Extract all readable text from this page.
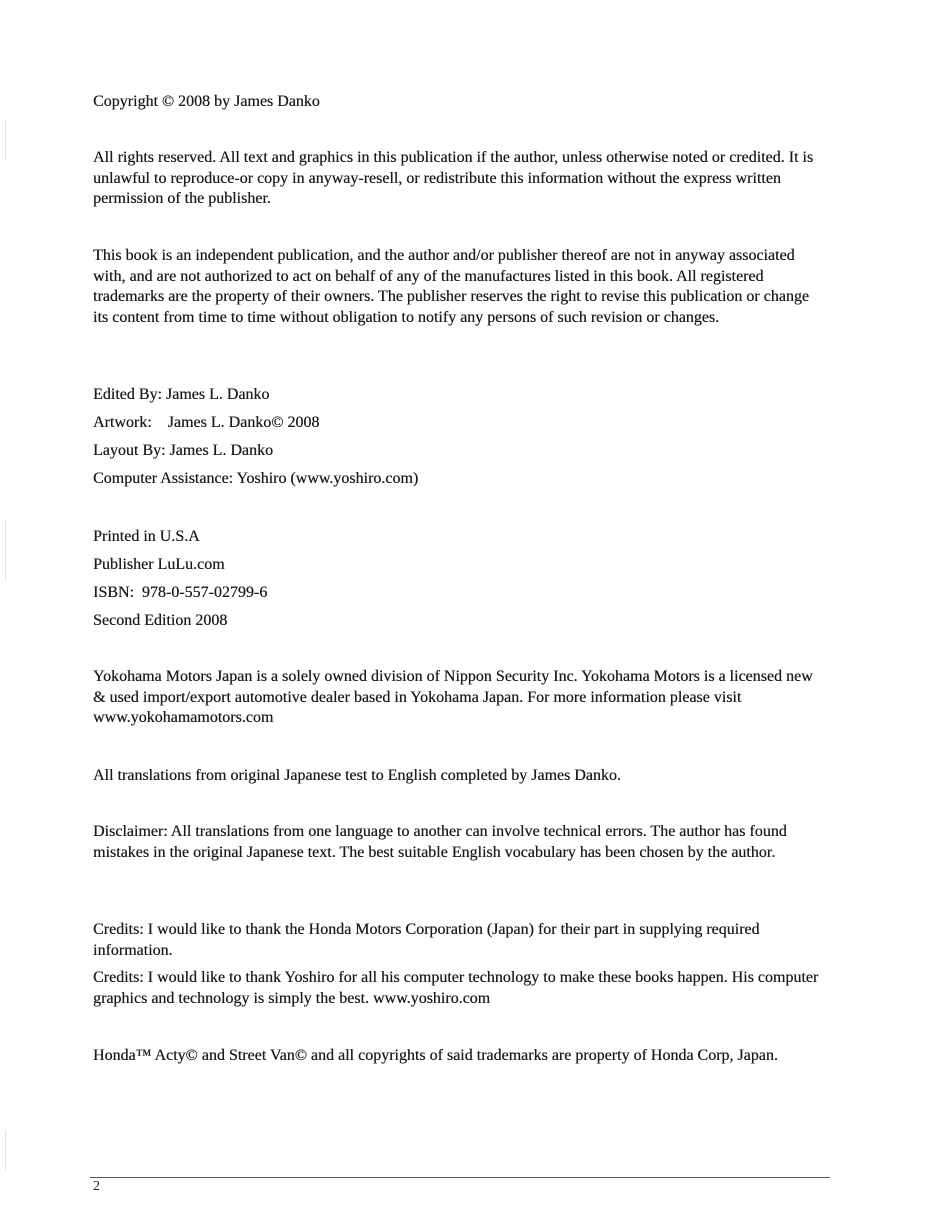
Copyright © 2008 by James Danko

All rights reserved. All text and graphics in this publication if the author, unless otherwise noted or credited. It is unlawful to reproduce-or copy in anyway-resell, or redistribute this information without the express written permission of the publisher.

This book is an independent publication, and the author and/or publisher thereof are not in anyway associated with, and are not authorized to act on behalf of any of the manufactures listed in this book. All registered trademarks are the property of their owners. The publisher reserves the right to revise this publication or change its content from time to time without obligation to notify any persons of such revision or changes.

Edited By: James L. Danko
Artwork:    James L. Danko© 2008
Layout By: James L. Danko
Computer Assistance: Yoshiro (www.yoshiro.com)
Printed in U.S.A
Publisher LuLu.com
ISBN:  978-0-557-02799-6
Second Edition 2008

Yokohama Motors Japan is a solely owned division of Nippon Security Inc. Yokohama Motors is a licensed new & used import/export automotive dealer based in Yokohama Japan. For more information please visit www.yokohamamotors.com

All translations from original Japanese test to English completed by James Danko.

Disclaimer: All translations from one language to another can involve technical errors. The author has found mistakes in the original Japanese text. The best suitable English vocabulary has been chosen by the author.

Credits: I would like to thank the Honda Motors Corporation (Japan) for their part in supplying required information.

Credits: I would like to thank Yoshiro for all his computer technology to make these books happen. His computer graphics and technology is simply the best. www.yoshiro.com

Honda™ Acty© and Street Van© and all copyrights of said trademarks are property of Honda Corp, Japan.

2
